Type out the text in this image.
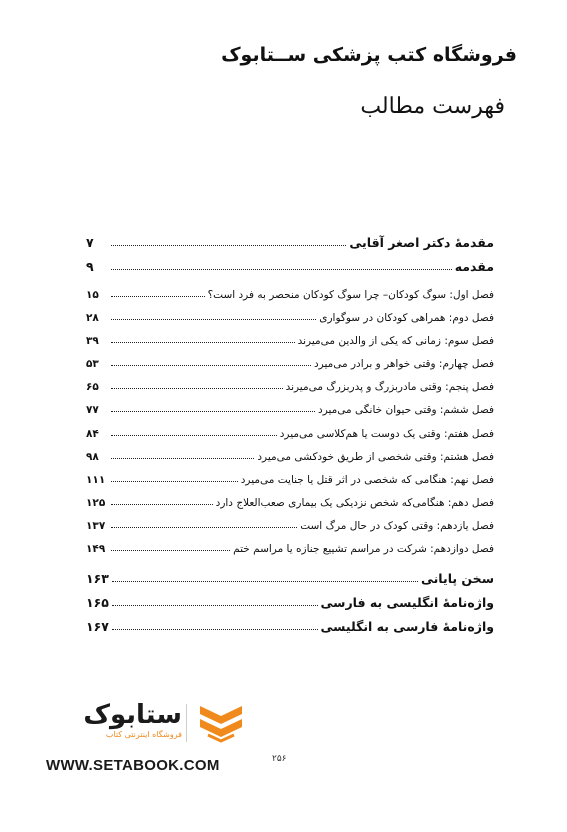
فروشگاه کتب پزشکی ســتابوک
فهرست مطالب
مقدمهٔ دکتر اصغر آقایی
۷
مقدمه
۹
فصل اول: سوگ کودکان– چرا سوگ کودکان منحصر به فرد است؟
۱۵
فصل دوم: همراهی کودکان در سوگواری
۲۸
فصل سوم: زمانی که یکی از والدین می‌میرند
۳۹
فصل چهارم: وقتی خواهر و برادر می‌میرد
۵۳
فصل پنجم: وقتی مادربزرگ و پدربزرگ می‌میرند
۶۵
فصل ششم: وقتی حیوان خانگی می‌میرد
۷۷
فصل هفتم: وقتی یک دوست یا هم‌کلاسی می‌میرد
۸۴
فصل هشتم: وقتی شخصی از طریق خودکشی می‌میرد
۹۸
فصل نهم: هنگامی که شخصی در اثر قتل یا جنایت می‌میرد
۱۱۱
فصل دهم: هنگامی‌که شخص نزدیکی یک بیماری صعب‌العلاج دارد
۱۲۵
فصل یازدهم: وقتی کودک در حال مرگ است
۱۳۷
فصل دوازدهم: شرکت در مراسم تشییع جنازه یا مراسم ختم
۱۴۹
سخن پایانی
۱۶۳
واژه‌نامهٔ انگلیسی به فارسی
۱۶۵
واژه‌نامهٔ فارسی به انگلیسی
۱۶۷
ستابوک
فروشگاه اینترنتی کتاب
WWW.SETABOOK.COM	۲۵۶
